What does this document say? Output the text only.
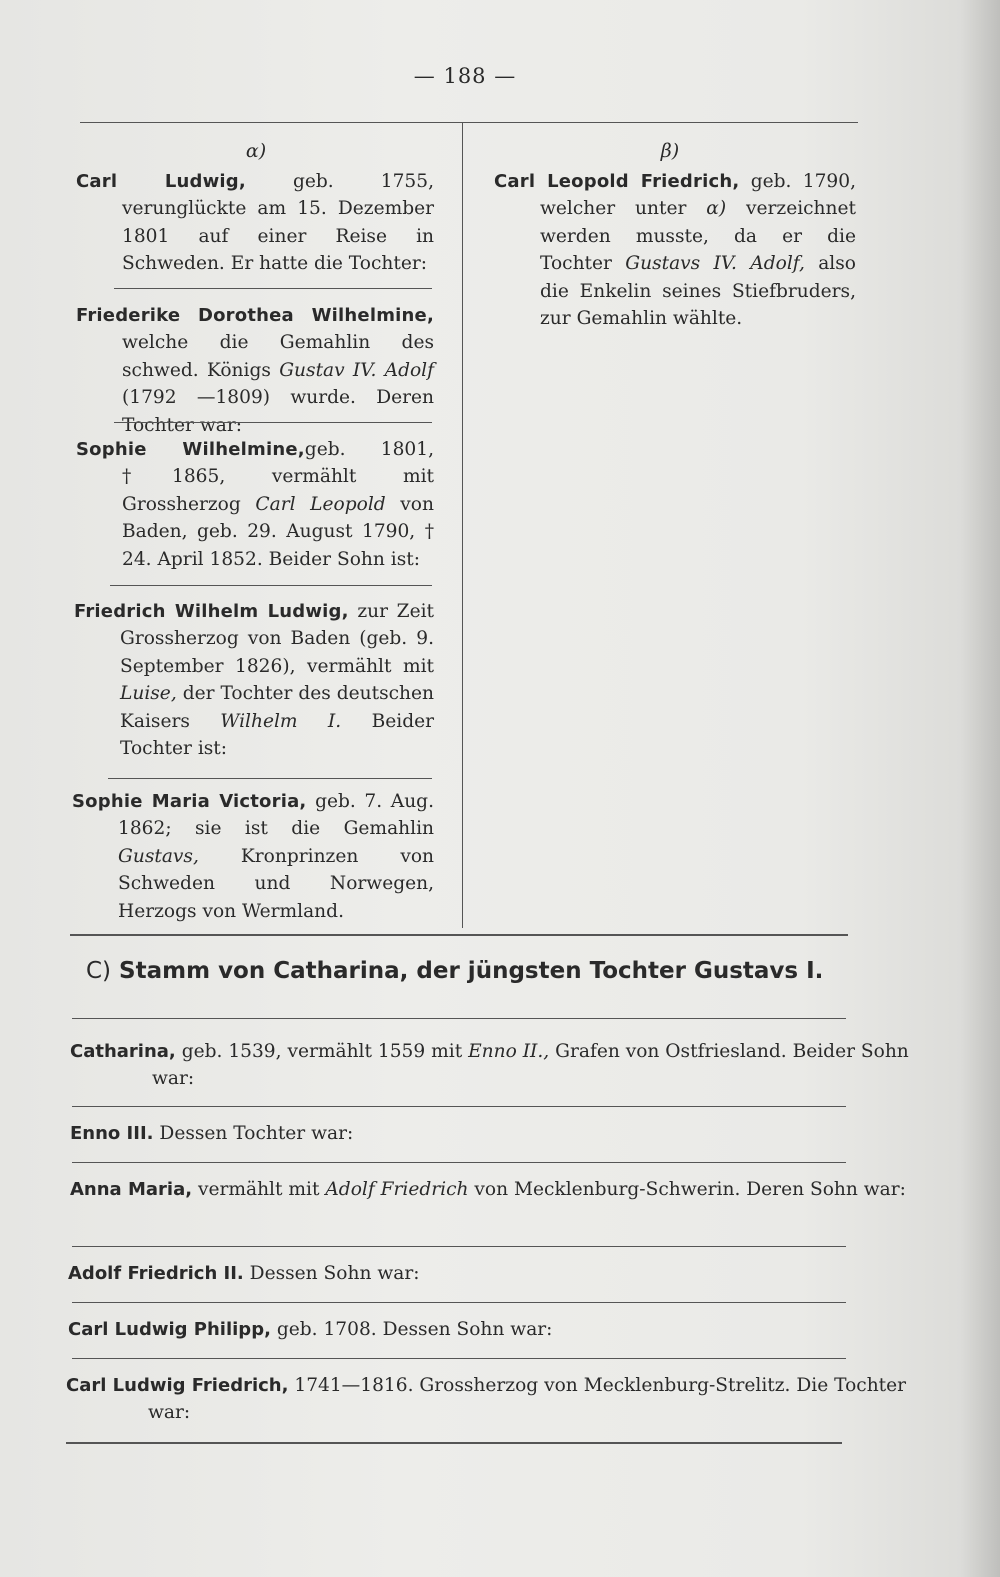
— 188 —
α)
Carl Ludwig, geb. 1755, verunglückte am 15. Dezember 1801 auf einer Reise in Schweden. Er hatte die Tochter:
Friederike Dorothea Wilhelmine, welche die Gemahlin des schwed. Königs Gustav IV. Adolf (1792 —1809) wurde. Deren Tochter war:
Sophie Wilhelmine,geb. 1801, †1865, vermählt mit Grossherzog Carl Leopold von Baden, geb. 29. August 1790, † 24. April 1852. Beider Sohn ist:
Friedrich Wilhelm Ludwig, zur Zeit Grossherzog von Baden (geb. 9. September 1826), vermählt mit Luise, der Tochter des deutschen Kaisers Wilhelm I. Beider Tochter ist:
Sophie Maria Victoria, geb. 7. Aug. 1862; sie ist die Gemahlin Gustavs, Kronprinzen von Schweden und Norwegen, Herzogs von Wermland.
β)
Carl Leopold Friedrich, geb. 1790, welcher unter α) verzeichnet werden musste, da er die Tochter Gustavs IV. Adolf, also die Enkelin seines Stiefbruders, zur Gemahlin wählte.
C) Stamm von Catharina, der jüngsten Tochter Gustavs I.
Catharina, geb. 1539, vermählt 1559 mit Enno II., Grafen von Ostfriesland. Beider Sohn war:
Enno III. Dessen Tochter war:
Anna Maria, vermählt mit Adolf Friedrich von Mecklenburg-Schwerin. Deren Sohn war:
Adolf Friedrich II. Dessen Sohn war:
Carl Ludwig Philipp, geb. 1708. Dessen Sohn war:
Carl Ludwig Friedrich, 1741—1816. Grossherzog von Mecklenburg-Strelitz. Die Tochter war:
